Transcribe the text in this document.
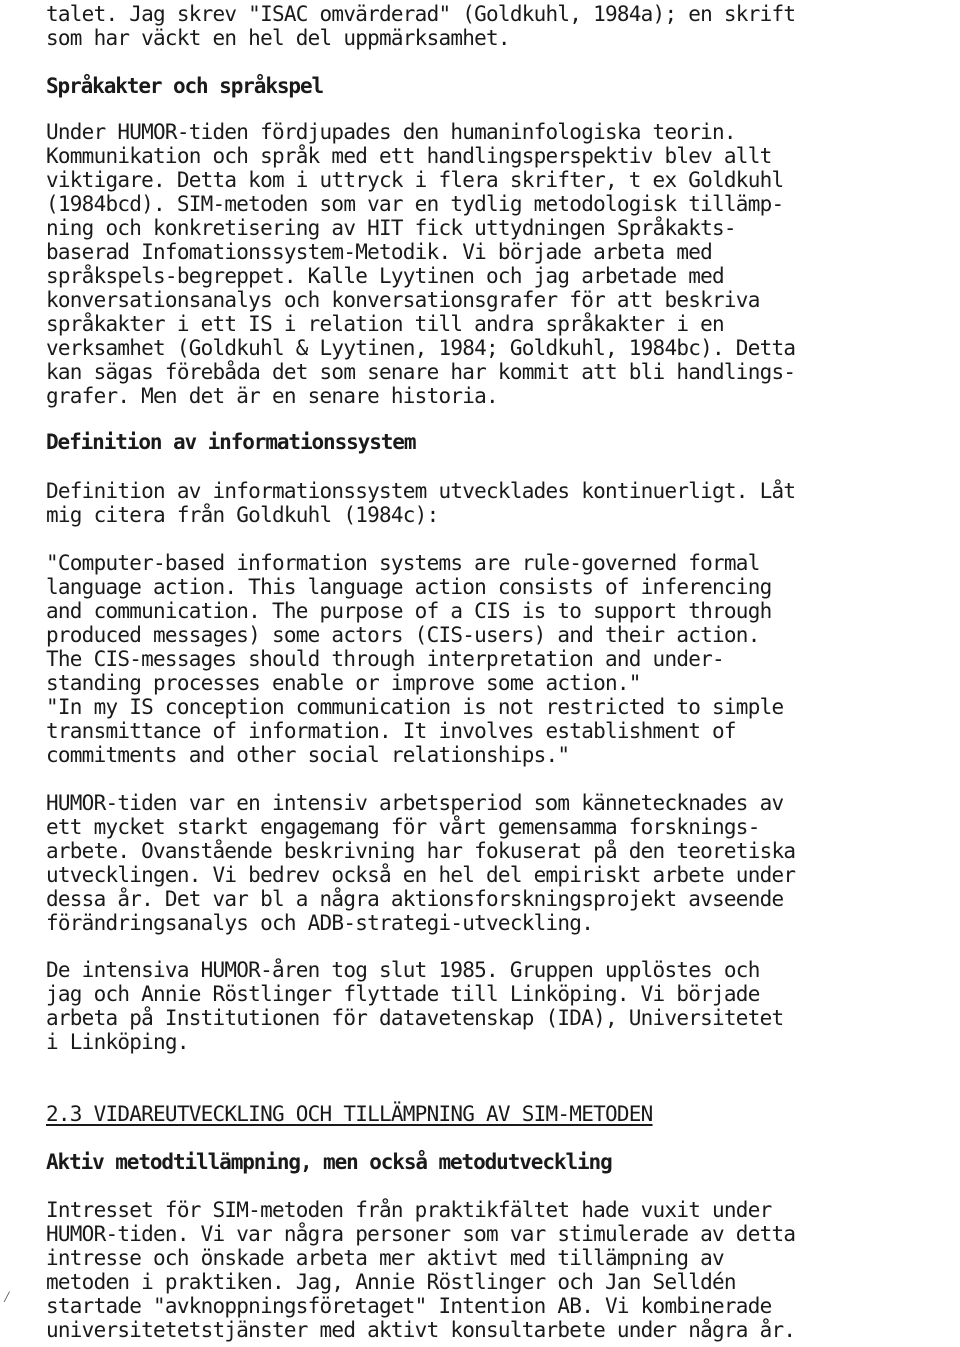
talet. Jag skrev "ISAC omvärderad" (Goldkuhl, 1984a); en skrift
som har väckt en hel del uppmärksamhet.
Språkakter och språkspel
Under HUMOR-tiden fördjupades den humaninfologiska teorin.
Kommunikation och språk med ett handlingsperspektiv blev allt
viktigare. Detta kom i uttryck i flera skrifter, t ex Goldkuhl
(1984bcd). SIM-metoden som var en tydlig metodologisk tillämp-
ning och konkretisering av HIT fick uttydningen Språkakts-
baserad Infomationssystem-Metodik. Vi började arbeta med
språkspels-begreppet. Kalle Lyytinen och jag arbetade med
konversationsanalys och konversationsgrafer för att beskriva
språkakter i ett IS i relation till andra språkakter i en
verksamhet (Goldkuhl & Lyytinen, 1984; Goldkuhl, 1984bc). Detta
kan sägas förebåda det som senare har kommit att bli handlings-
grafer. Men det är en senare historia.
Definition av informationssystem
Definition av informationssystem utvecklades kontinuerligt. Låt
mig citera från Goldkuhl (1984c):
"Computer-based information systems are rule-governed formal
language action. This language action consists of inferencing
and communication. The purpose of a CIS is to support through
produced messages) some actors (CIS-users) and their action.
The CIS-messages should through interpretation and under-
standing processes enable or improve some action."
"In my IS conception communication is not restricted to simple
transmittance of information. It involves establishment of
commitments and other social relationships."
HUMOR-tiden var en intensiv arbetsperiod som kännetecknades av
ett mycket starkt engagemang för vårt gemensamma forsknings-
arbete. Ovanstående beskrivning har fokuserat på den teoretiska
utvecklingen. Vi bedrev också en hel del empiriskt arbete under
dessa år. Det var bl a några aktionsforskningsprojekt avseende
förändringsanalys och ADB-strategi-utveckling.
De intensiva HUMOR-åren tog slut 1985. Gruppen upplöstes och
jag och Annie Röstlinger flyttade till Linköping. Vi började
arbeta på Institutionen för datavetenskap (IDA), Universitetet
i Linköping.
2.3 VIDAREUTVECKLING OCH TILLÄMPNING AV SIM-METODEN
Aktiv metodtillämpning, men också metodutveckling
Intresset för SIM-metoden från praktikfältet hade vuxit under
HUMOR-tiden. Vi var några personer som var stimulerade av detta
intresse och önskade arbeta mer aktivt med tillämpning av
metoden i praktiken. Jag, Annie Röstlinger och Jan Selldén
startade "avknoppningsföretaget" Intention AB. Vi kombinerade
universitetetstjänster med aktivt konsultarbete under några år.
⁄
